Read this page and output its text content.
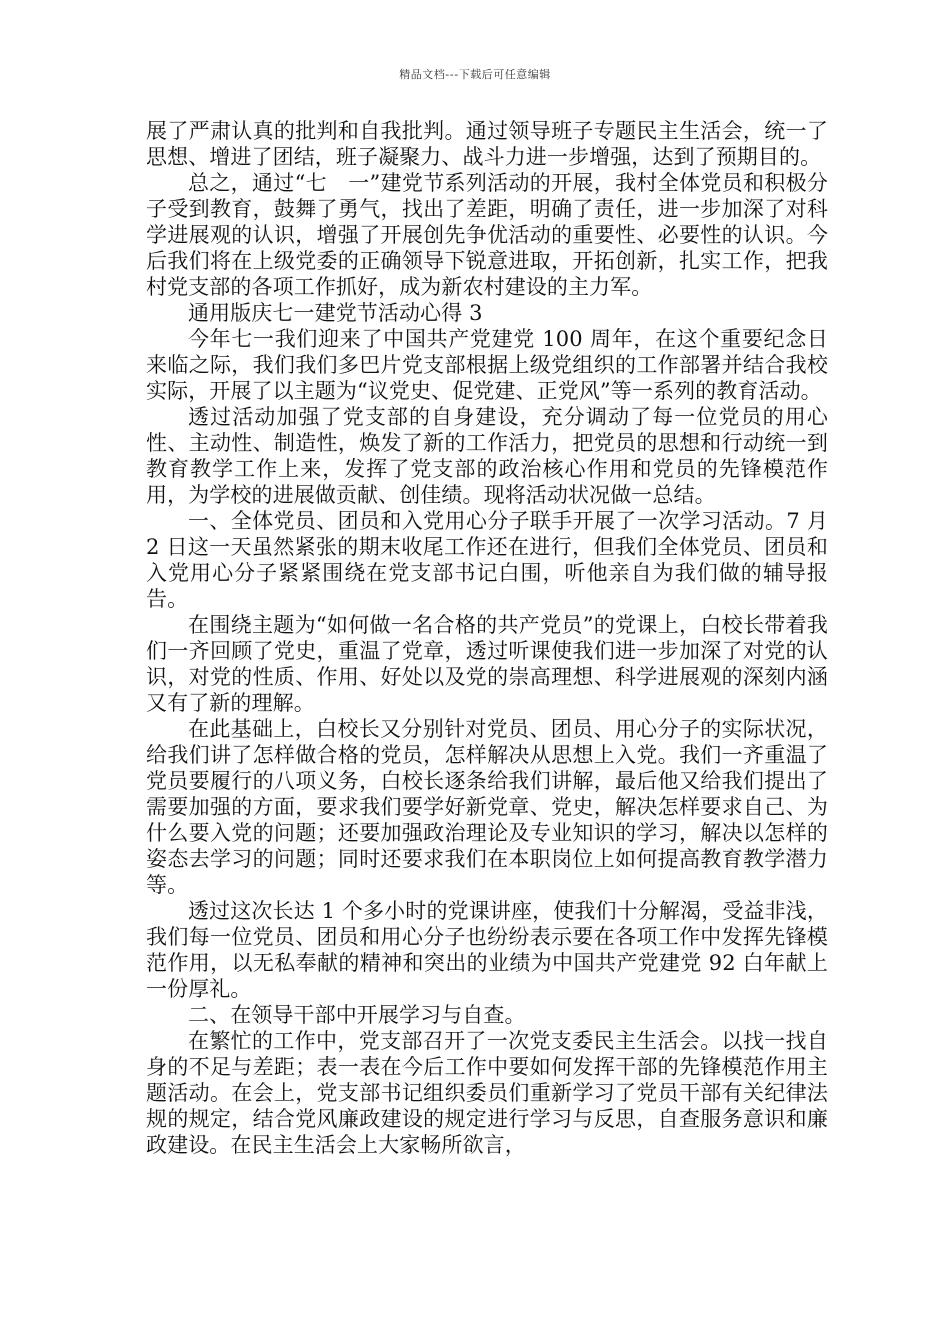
精品文档---下载后可任意编辑

展了严肃认真的批判和自我批判。通过领导班子专题民主生活会，统一了思想、增进了团结，班子凝聚力、战斗力进一步增强，达到了预期目的。

总之，通过“七　一”建党节系列活动的开展，我村全体党员和积极分子受到教育，鼓舞了勇气，找出了差距，明确了责任，进一步加深了对科学进展观的认识，增强了开展创先争优活动的重要性、必要性的认识。今后我们将在上级党委的正确领导下锐意进取，开拓创新，扎实工作，把我村党支部的各项工作抓好，成为新农村建设的主力军。

通用版庆七一建党节活动心得 3

今年七一我们迎来了中国共产党建党 100 周年，在这个重要纪念日来临之际，我们我们多巴片党支部根据上级党组织的工作部署并结合我校实际，开展了以主题为“议党史、促党建、正党风”等一系列的教育活动。

透过活动加强了党支部的自身建设，充分调动了每一位党员的用心性、主动性、制造性，焕发了新的工作活力，把党员的思想和行动统一到教育教学工作上来，发挥了党支部的政治核心作用和党员的先锋模范作用，为学校的进展做贡献、创佳绩。现将活动状况做一总结。

一、全体党员、团员和入党用心分子联手开展了一次学习活动。7 月 2 日这一天虽然紧张的期末收尾工作还在进行，但我们全体党员、团员和入党用心分子紧紧围绕在党支部书记白围，听他亲自为我们做的辅导报告。

在围绕主题为“如何做一名合格的共产党员”的党课上，白校长带着我们一齐回顾了党史，重温了党章，透过听课使我们进一步加深了对党的认识，对党的性质、作用、好处以及党的崇高理想、科学进展观的深刻内涵又有了新的理解。

在此基础上，白校长又分别针对党员、团员、用心分子的实际状况，给我们讲了怎样做合格的党员，怎样解决从思想上入党。我们一齐重温了党员要履行的八项义务，白校长逐条给我们讲解，最后他又给我们提出了需要加强的方面，要求我们要学好新党章、党史，解决怎样要求自己、为什么要入党的问题；还要加强政治理论及专业知识的学习，解决以怎样的姿态去学习的问题；同时还要求我们在本职岗位上如何提高教育教学潜力等。

透过这次长达 1 个多小时的党课讲座，使我们十分解渴，受益非浅，我们每一位党员、团员和用心分子也纷纷表示要在各项工作中发挥先锋模范作用，以无私奉献的精神和突出的业绩为中国共产党建党 92 白年献上一份厚礼。

二、在领导干部中开展学习与自查。

在繁忙的工作中，党支部召开了一次党支委民主生活会。以找一找自身的不足与差距；表一表在今后工作中要如何发挥干部的先锋模范作用主题活动。在会上，党支部书记组织委员们重新学习了党员干部有关纪律法规的规定，结合党风廉政建设的规定进行学习与反思，自查服务意识和廉政建设。在民主生活会上大家畅所欲言，
